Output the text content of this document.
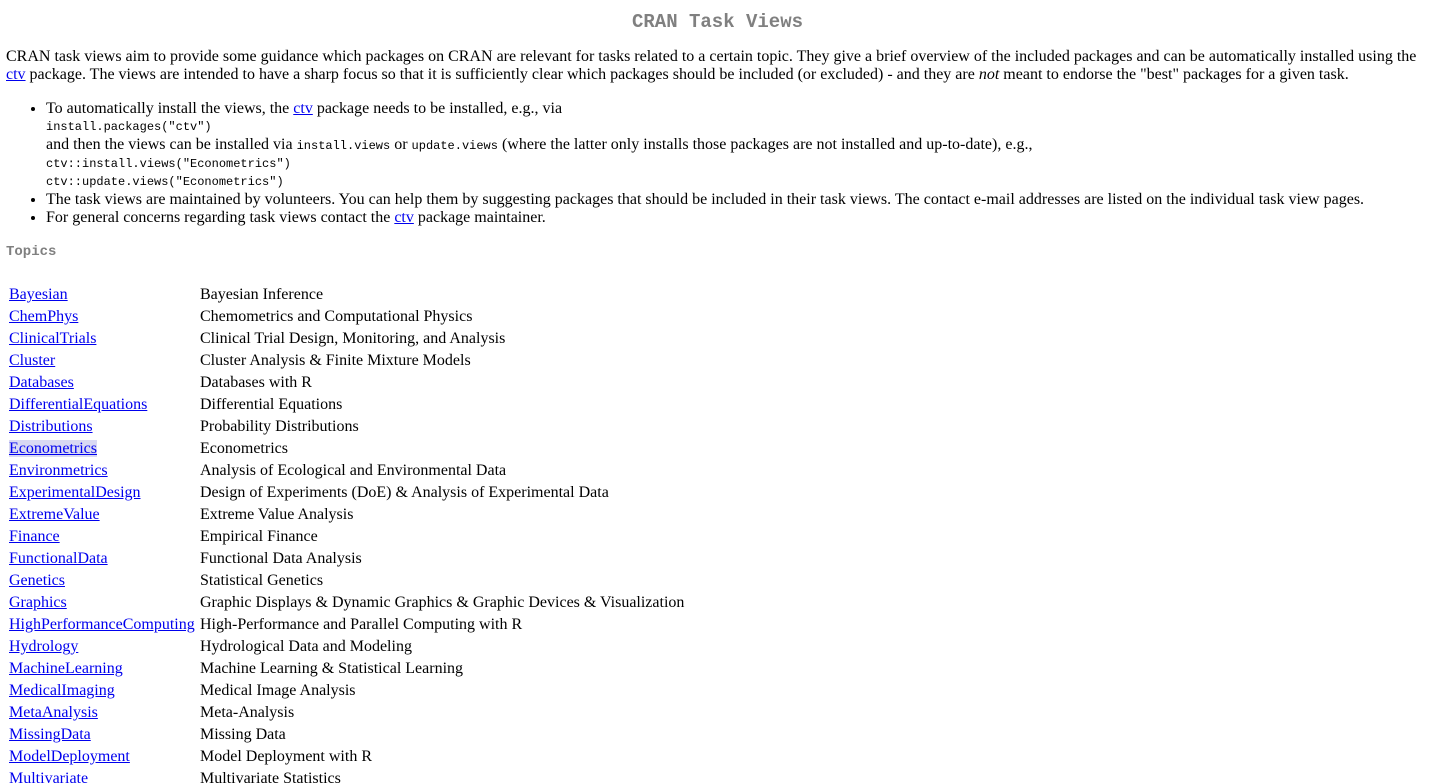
CRAN Task Views

CRAN task views aim to provide some guidance which packages on CRAN are relevant for tasks related to a certain topic. They give a brief overview of the included packages and can be automatically installed using the ctv package. The views are intended to have a sharp focus so that it is sufficiently clear which packages should be included (or excluded) - and they are not meant to endorse the "best" packages for a given task.

• To automatically install the views, the ctv package needs to be installed, e.g., via
install.packages("ctv")
and then the views can be installed via install.views or update.views (where the latter only installs those packages are not installed and up-to-date), e.g.,
ctv::install.views("Econometrics")
ctv::update.views("Econometrics")
• The task views are maintained by volunteers. You can help them by suggesting packages that should be included in their task views. The contact e-mail addresses are listed on the individual task view pages.
• For general concerns regarding task views contact the ctv package maintainer.
Topics
Bayesian	Bayesian Inference
ChemPhys	Chemometrics and Computational Physics
ClinicalTrials	Clinical Trial Design, Monitoring, and Analysis
Cluster	Cluster Analysis & Finite Mixture Models
Databases	Databases with R
DifferentialEquations	Differential Equations
Distributions	Probability Distributions
Econometrics	Econometrics
Environmetrics	Analysis of Ecological and Environmental Data
ExperimentalDesign	Design of Experiments (DoE) & Analysis of Experimental Data
ExtremeValue	Extreme Value Analysis
Finance	Empirical Finance
FunctionalData	Functional Data Analysis
Genetics	Statistical Genetics
Graphics	Graphic Displays & Dynamic Graphics & Graphic Devices & Visualization
HighPerformanceComputing	High-Performance and Parallel Computing with R
Hydrology	Hydrological Data and Modeling
MachineLearning	Machine Learning & Statistical Learning
MedicalImaging	Medical Image Analysis
MetaAnalysis	Meta-Analysis
MissingData	Missing Data
ModelDeployment	Model Deployment with R
Multivariate	Multivariate Statistics
